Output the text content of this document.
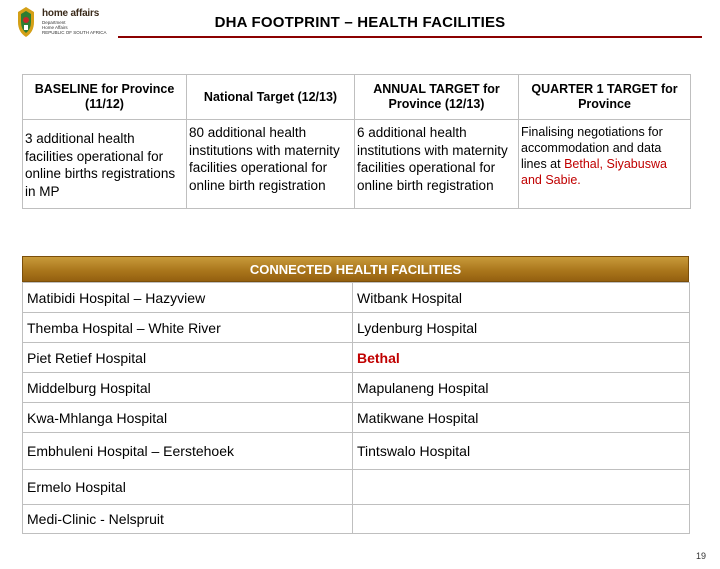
home affairs
Department
Home Affairs
REPUBLIC OF SOUTH AFRICA
DHA FOOTPRINT – HEALTH FACILITIES
BASELINE for Province (11/12)	National Target (12/13)	ANNUAL TARGET for Province (12/13)	QUARTER 1 TARGET for Province
3 additional health facilities operational for online births registrations in MP	80 additional health institutions with maternity facilities operational for online birth registration	6 additional health institutions with maternity facilities operational for online birth registration	Finalising negotiations for accommodation and data lines at Bethal, Siyabuswa and Sabie.
CONNECTED HEALTH FACILITIES
Matibidi Hospital – Hazyview	Witbank Hospital
Themba Hospital – White River	Lydenburg Hospital
Piet Retief Hospital	Bethal
Middelburg Hospital	Mapulaneng Hospital
Kwa-Mhlanga Hospital	Matikwane Hospital
Embhuleni Hospital – Eerstehoek	Tintswalo Hospital
Ermelo Hospital	
Medi-Clinic - Nelspruit	
19
